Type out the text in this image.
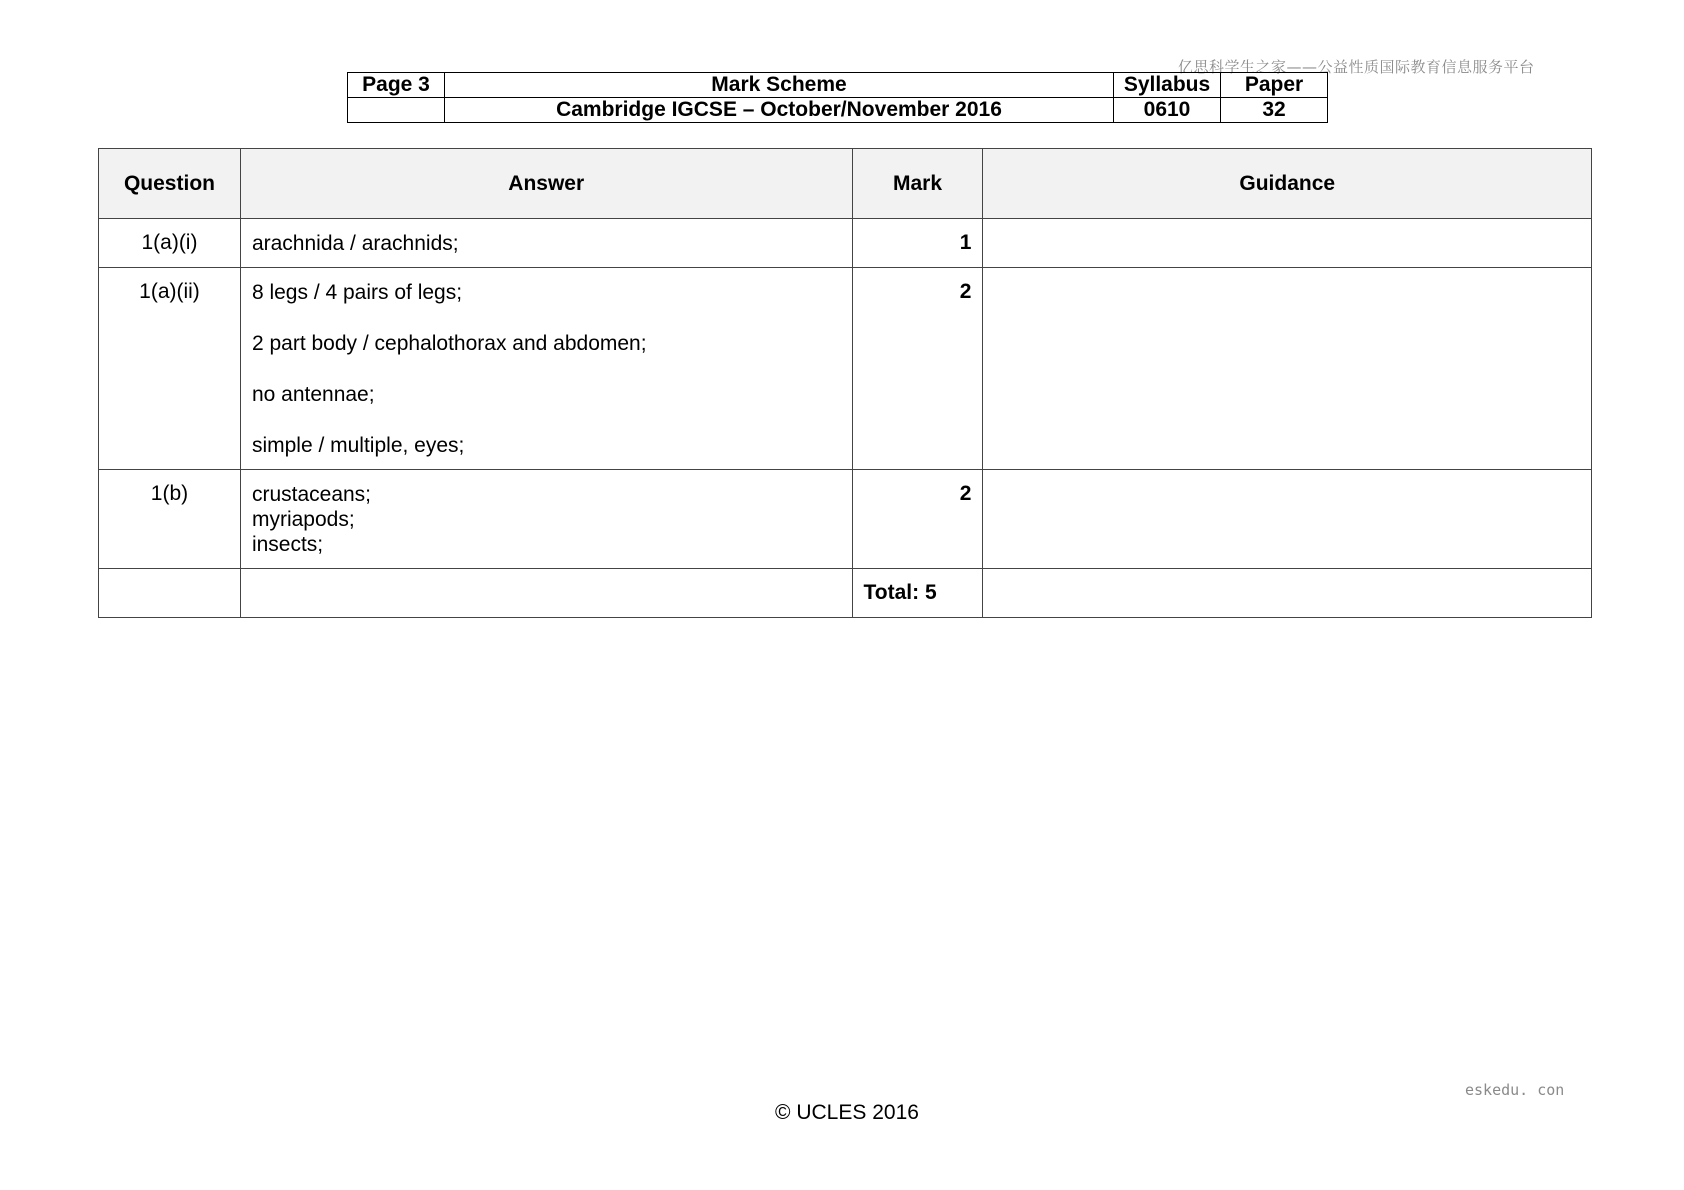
亿思科学生之家——公益性质国际教育信息服务平台
Page 3	Mark Scheme	Syllabus	Paper
	Cambridge IGCSE – October/November 2016	0610	32
Question	Answer	Mark	Guidance
1(a)(i)	arachnida / arachnids;	1	
1(a)(ii)	8 legs / 4 pairs of legs;

2 part body / cephalothorax and abdomen;

no antennae;

simple / multiple, eyes;	2	
1(b)	crustaceans;
myriapods;
insects;	2	
		Total: 5	
eskedu. con
© UCLES 2016
